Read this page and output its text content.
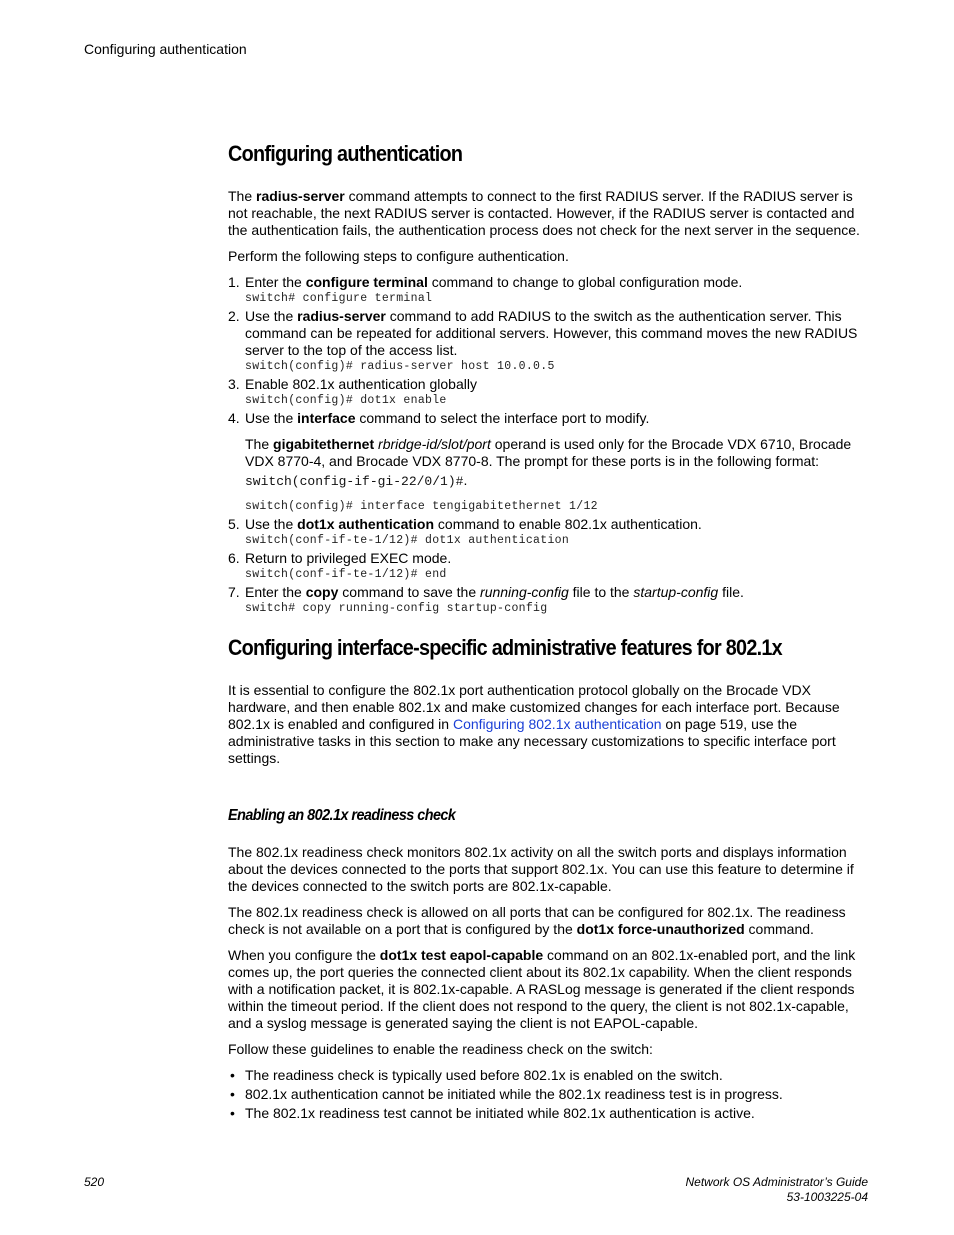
Configuring authentication
Configuring authentication

The radius-server command attempts to connect to the first RADIUS server. If the RADIUS server is not reachable, the next RADIUS server is contacted. However, if the RADIUS server is contacted and the authentication fails, the authentication process does not check for the next server in the sequence.

Perform the following steps to configure authentication.

1. Enter the configure terminal command to change to global configuration mode.
switch# configure terminal
2. Use the radius-server command to add RADIUS to the switch as the authentication server. This command can be repeated for additional servers. However, this command moves the new RADIUS server to the top of the access list.
switch(config)# radius-server host 10.0.0.5
3. Enable 802.1x authentication globally
switch(config)# dot1x enable
4. Use the interface command to select the interface port to modify.

The gigabitethernet rbridge-id/slot/port operand is used only for the Brocade VDX 6710, Brocade VDX 8770-4, and Brocade VDX 8770-8. The prompt for these ports is in the following format:

switch(config-if-gi-22/0/1)#.
switch(config)# interface tengigabitethernet 1/12
5. Use the dot1x authentication command to enable 802.1x authentication.
switch(conf-if-te-1/12)# dot1x authentication
6. Return to privileged EXEC mode.
switch(conf-if-te-1/12)# end
7. Enter the copy command to save the running-config file to the startup-config file.
switch# copy running-config startup-config
Configuring interface-specific administrative features for 802.1x

It is essential to configure the 802.1x port authentication protocol globally on the Brocade VDX hardware, and then enable 802.1x and make customized changes for each interface port. Because 802.1x is enabled and configured in Configuring 802.1x authentication on page 519, use the administrative tasks in this section to make any necessary customizations to specific interface port settings.

Enabling an 802.1x readiness check

The 802.1x readiness check monitors 802.1x activity on all the switch ports and displays information about the devices connected to the ports that support 802.1x. You can use this feature to determine if the devices connected to the switch ports are 802.1x-capable.

The 802.1x readiness check is allowed on all ports that can be configured for 802.1x. The readiness check is not available on a port that is configured by the dot1x force-unauthorized command.

When you configure the dot1x test eapol-capable command on an 802.1x-enabled port, and the link comes up, the port queries the connected client about its 802.1x capability. When the client responds with a notification packet, it is 802.1x-capable. A RASLog message is generated if the client responds within the timeout period. If the client does not respond to the query, the client is not 802.1x-capable, and a syslog message is generated saying the client is not EAPOL-capable.

Follow these guidelines to enable the readiness check on the switch:

• The readiness check is typically used before 802.1x is enabled on the switch.
• 802.1x authentication cannot be initiated while the 802.1x readiness test is in progress.
• The 802.1x readiness test cannot be initiated while 802.1x authentication is active.
520	Network OS Administrator’s Guide
53-1003225-04
